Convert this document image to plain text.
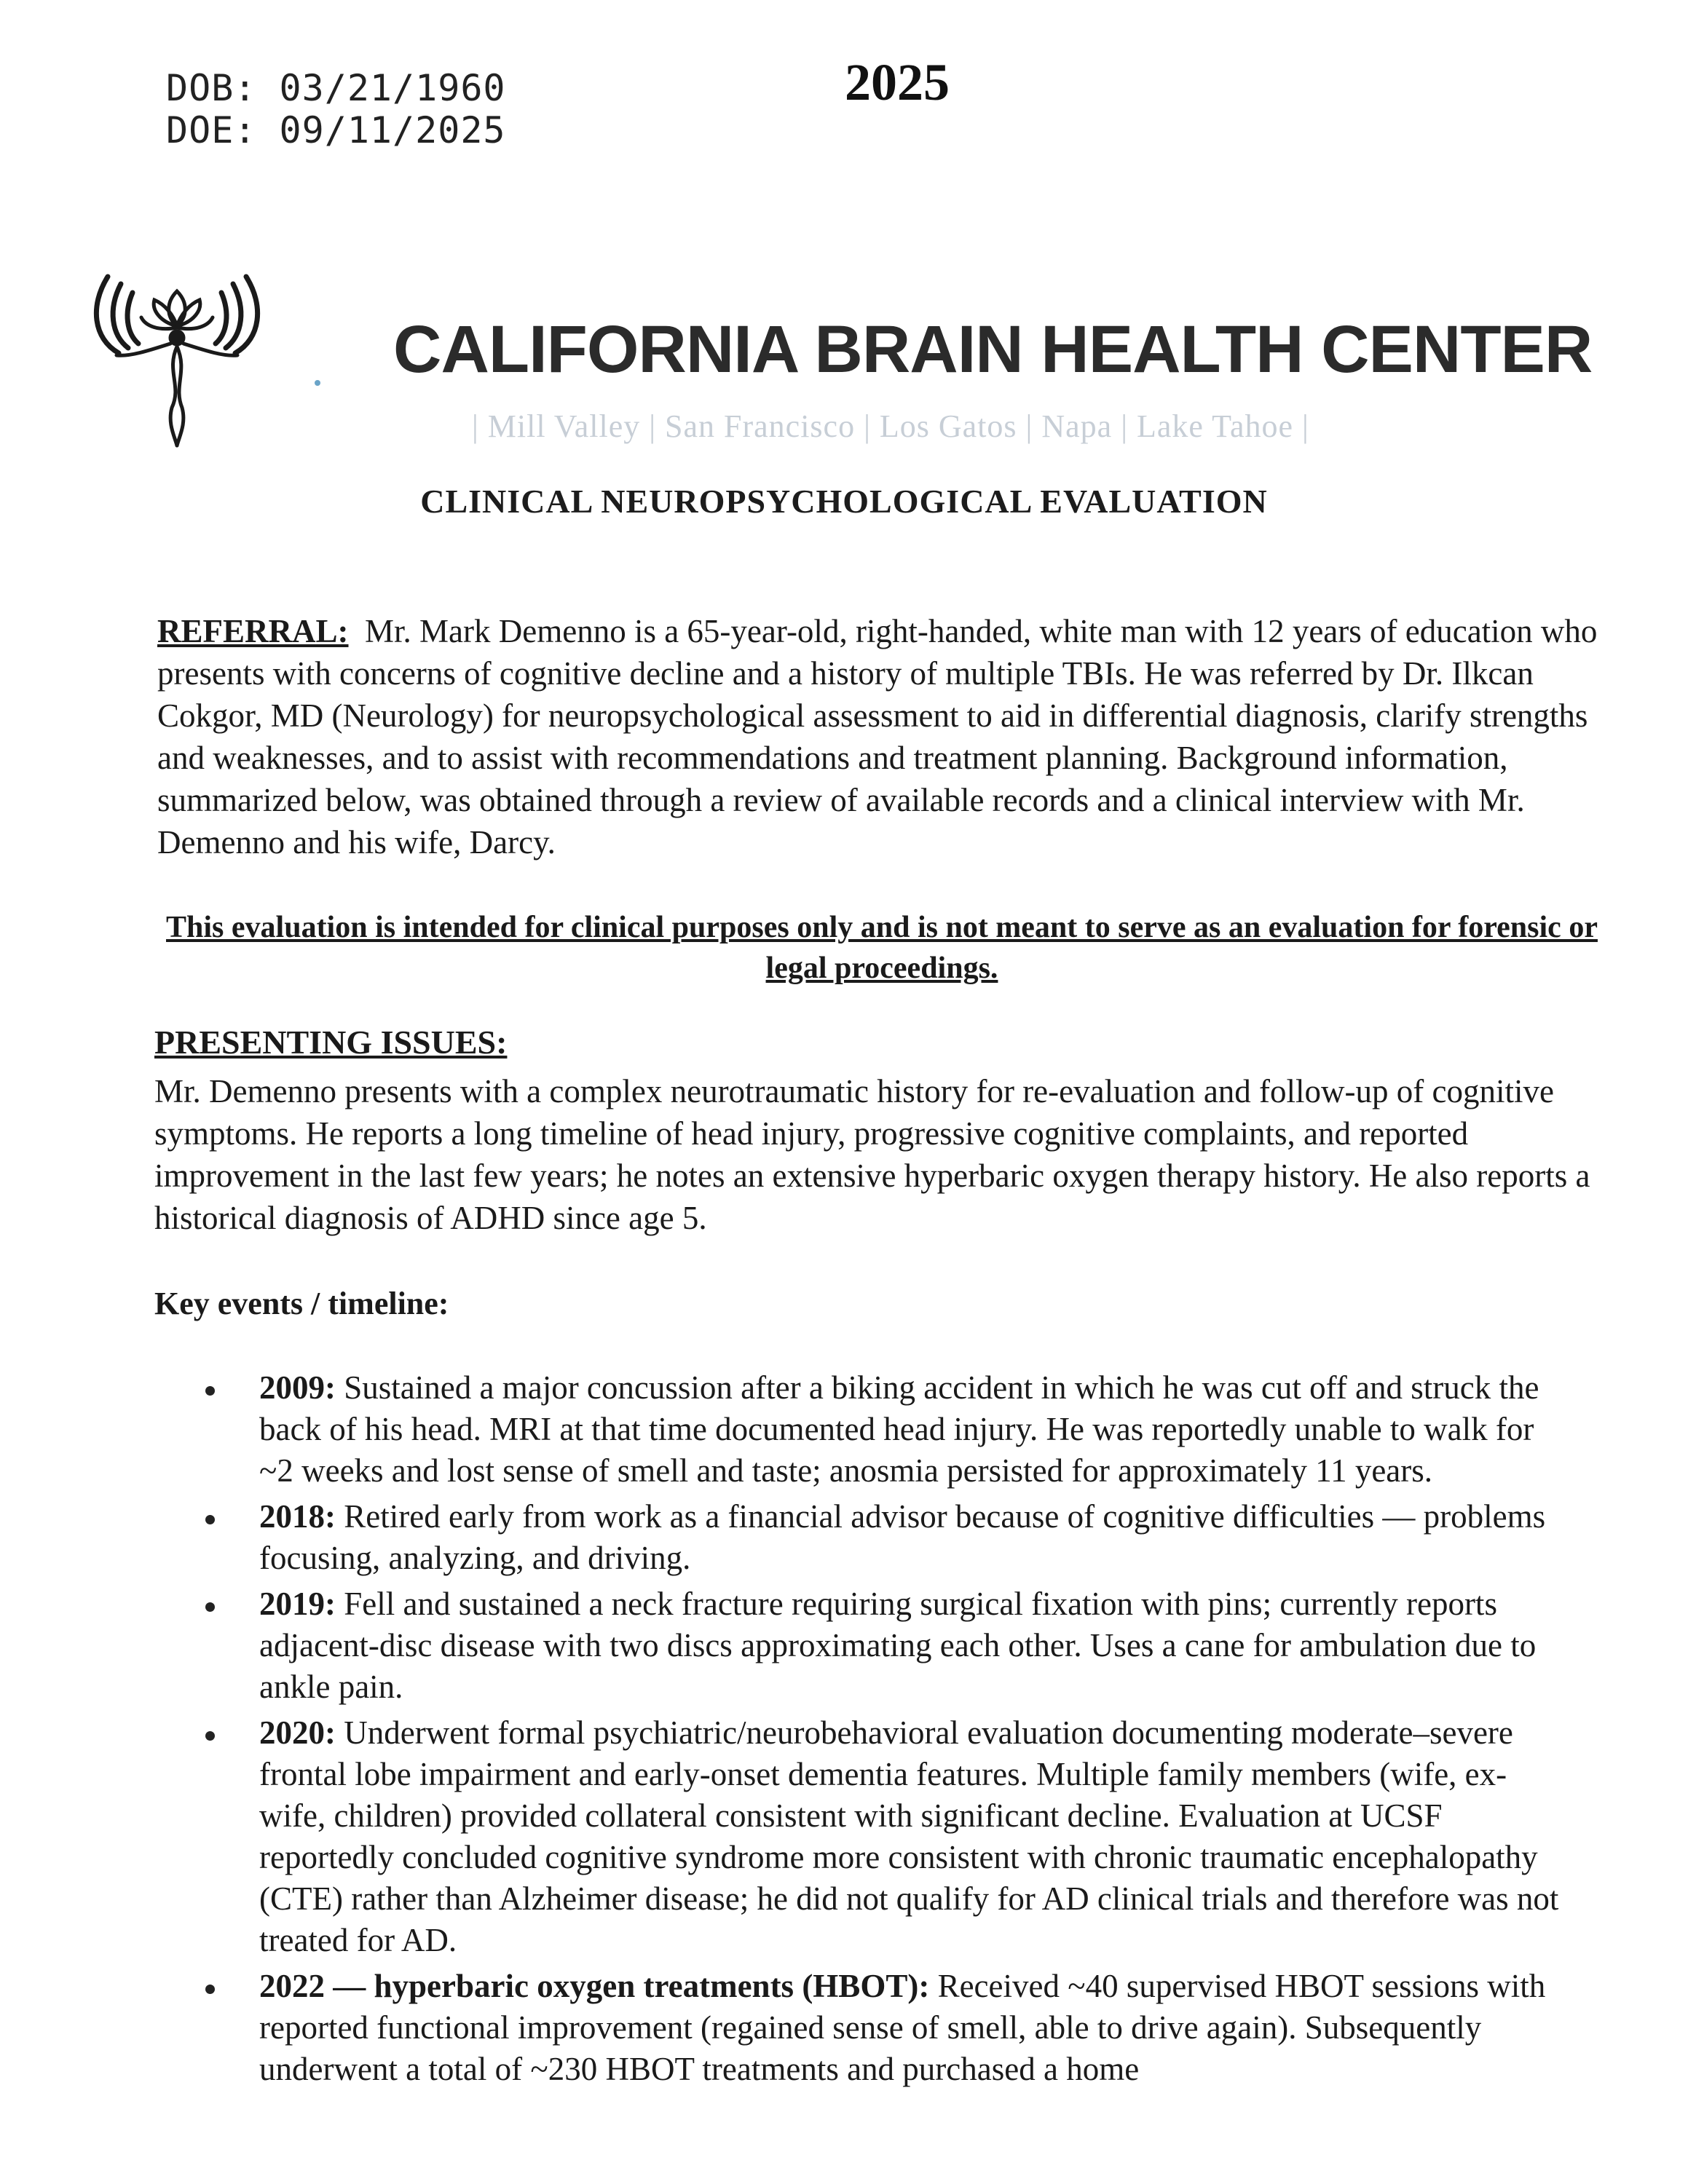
DOB: 03/21/1960
DOE: 09/11/2025
2025
CALIFORNIA BRAIN HEALTH CENTER
| Mill Valley | San Francisco | Los Gatos | Napa | Lake Tahoe |
CLINICAL NEUROPSYCHOLOGICAL EVALUATION
REFERRAL: Mr. Mark Demenno is a 65-year-old, right-handed, white man with 12 years of education who presents with concerns of cognitive decline and a history of multiple TBIs. He was referred by Dr. Ilkcan Cokgor, MD (Neurology) for neuropsychological assessment to aid in differential diagnosis, clarify strengths and weaknesses, and to assist with recommendations and treatment planning. Background information, summarized below, was obtained through a review of available records and a clinical interview with Mr. Demenno and his wife, Darcy.
This evaluation is intended for clinical purposes only and is not meant to serve as an evaluation for forensic or legal proceedings.
PRESENTING ISSUES:
Mr. Demenno presents with a complex neurotraumatic history for re-evaluation and follow-up of cognitive symptoms. He reports a long timeline of head injury, progressive cognitive complaints, and reported improvement in the last few years; he notes an extensive hyperbaric oxygen therapy history. He also reports a historical diagnosis of ADHD since age 5.
Key events / timeline:
2009: Sustained a major concussion after a biking accident in which he was cut off and struck the back of his head. MRI at that time documented head injury. He was reportedly unable to walk for ~2 weeks and lost sense of smell and taste; anosmia persisted for approximately 11 years.
2018: Retired early from work as a financial advisor because of cognitive difficulties — problems focusing, analyzing, and driving.
2019: Fell and sustained a neck fracture requiring surgical fixation with pins; currently reports adjacent-disc disease with two discs approximating each other. Uses a cane for ambulation due to ankle pain.
2020: Underwent formal psychiatric/neurobehavioral evaluation documenting moderate–severe frontal lobe impairment and early-onset dementia features. Multiple family members (wife, ex-wife, children) provided collateral consistent with significant decline. Evaluation at UCSF reportedly concluded cognitive syndrome more consistent with chronic traumatic encephalopathy (CTE) rather than Alzheimer disease; he did not qualify for AD clinical trials and therefore was not treated for AD.
2022 — hyperbaric oxygen treatments (HBOT): Received ~40 supervised HBOT sessions with reported functional improvement (regained sense of smell, able to drive again). Subsequently underwent a total of ~230 HBOT treatments and purchased a home
